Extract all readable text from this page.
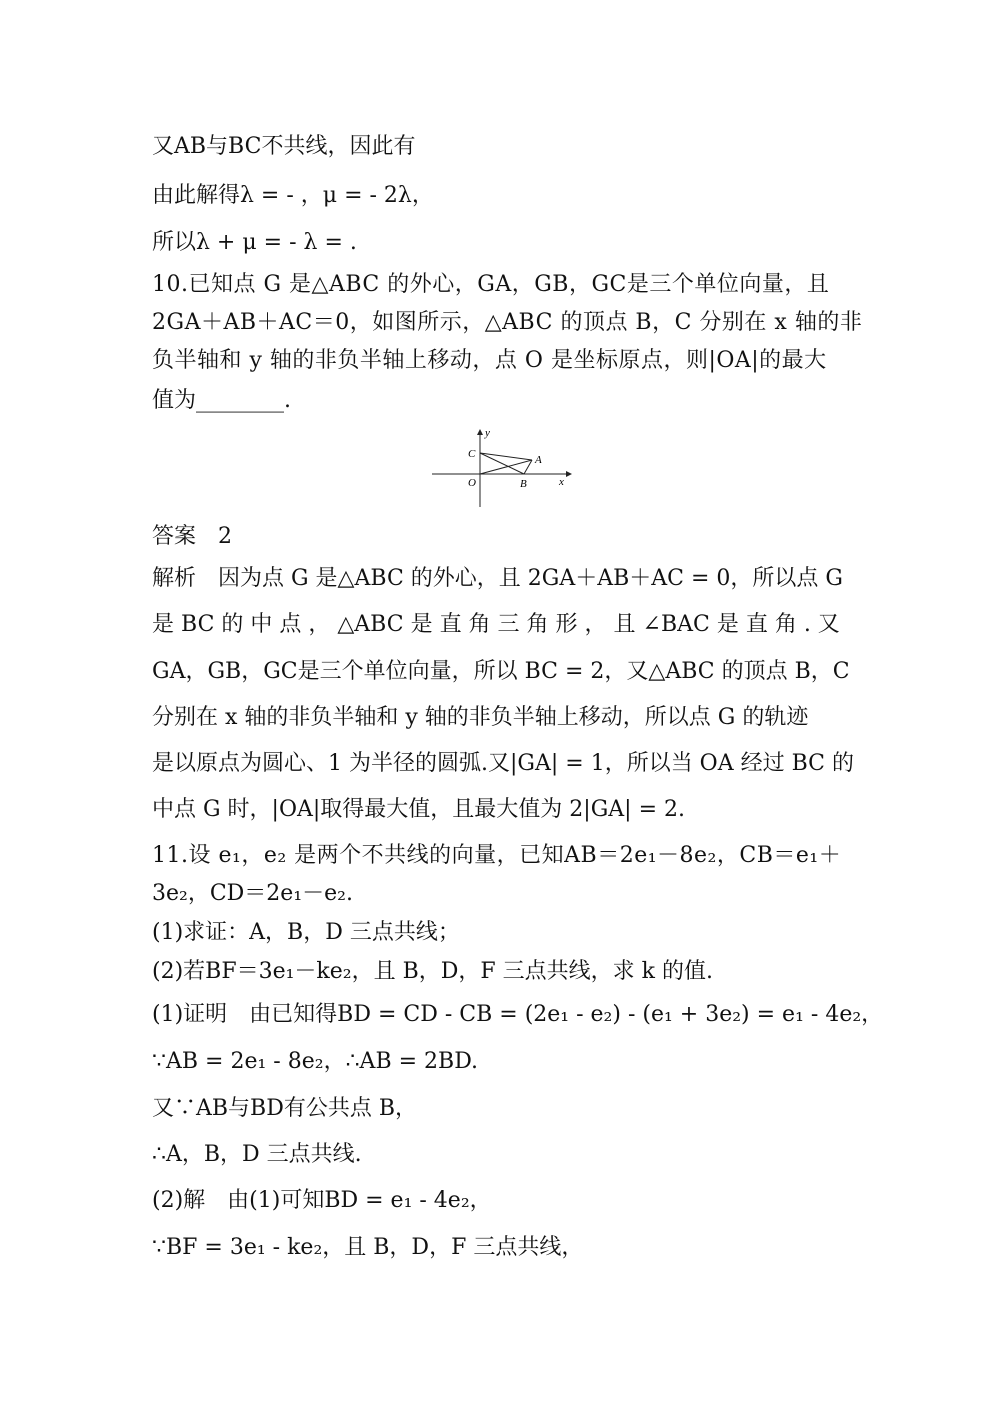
又AB与BC不共线，因此有
由此解得λ = - ，μ = - 2λ，
所以λ + μ = - λ = .
10.已知点 G 是△ABC 的外心，GA，GB，GC是三个单位向量，且
2GA＋AB＋AC＝0，如图所示，△ABC 的顶点 B，C 分别在 x 轴的非
负半轴和 y 轴的非负半轴上移动，点 O 是坐标原点，则|OA|的最大
值为________.
y
C	A
O	B	x
答案　2
解析　因为点 G 是△ABC 的外心，且 2GA＋AB＋AC = 0，所以点 G
是 BC 的 中 点 ， △ABC 是 直 角 三 角 形 ， 且 ∠BAC 是 直 角 . 又
GA，GB，GC是三个单位向量，所以 BC = 2，又△ABC 的顶点 B，C
分别在 x 轴的非负半轴和 y 轴的非负半轴上移动，所以点 G 的轨迹
是以原点为圆心、1 为半径的圆弧.又|GA| = 1，所以当 OA 经过 BC 的
中点 G 时，|OA|取得最大值，且最大值为 2|GA| = 2.
11.设 e₁，e₂ 是两个不共线的向量，已知AB＝2e₁－8e₂，CB＝e₁＋
3e₂，CD＝2e₁－e₂.
(1)求证：A，B，D 三点共线；
(2)若BF＝3e₁－ke₂，且 B，D，F 三点共线，求 k 的值.
(1)证明　由已知得BD = CD - CB = (2e₁ - e₂) - (e₁ + 3e₂) = e₁ - 4e₂，
∵AB = 2e₁ - 8e₂，∴AB = 2BD.
又∵AB与BD有公共点 B，
∴A，B，D 三点共线.
(2)解　由(1)可知BD = e₁ - 4e₂，
∵BF = 3e₁ - ke₂，且 B，D，F 三点共线，
